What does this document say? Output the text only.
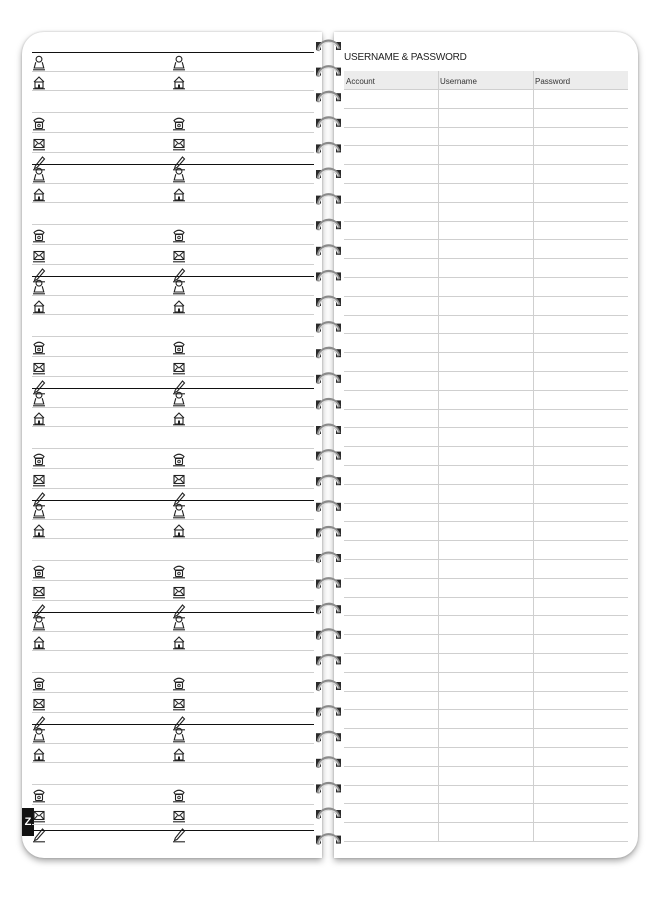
Z
USERNAME & PASSWORD
Account	Username	Password
